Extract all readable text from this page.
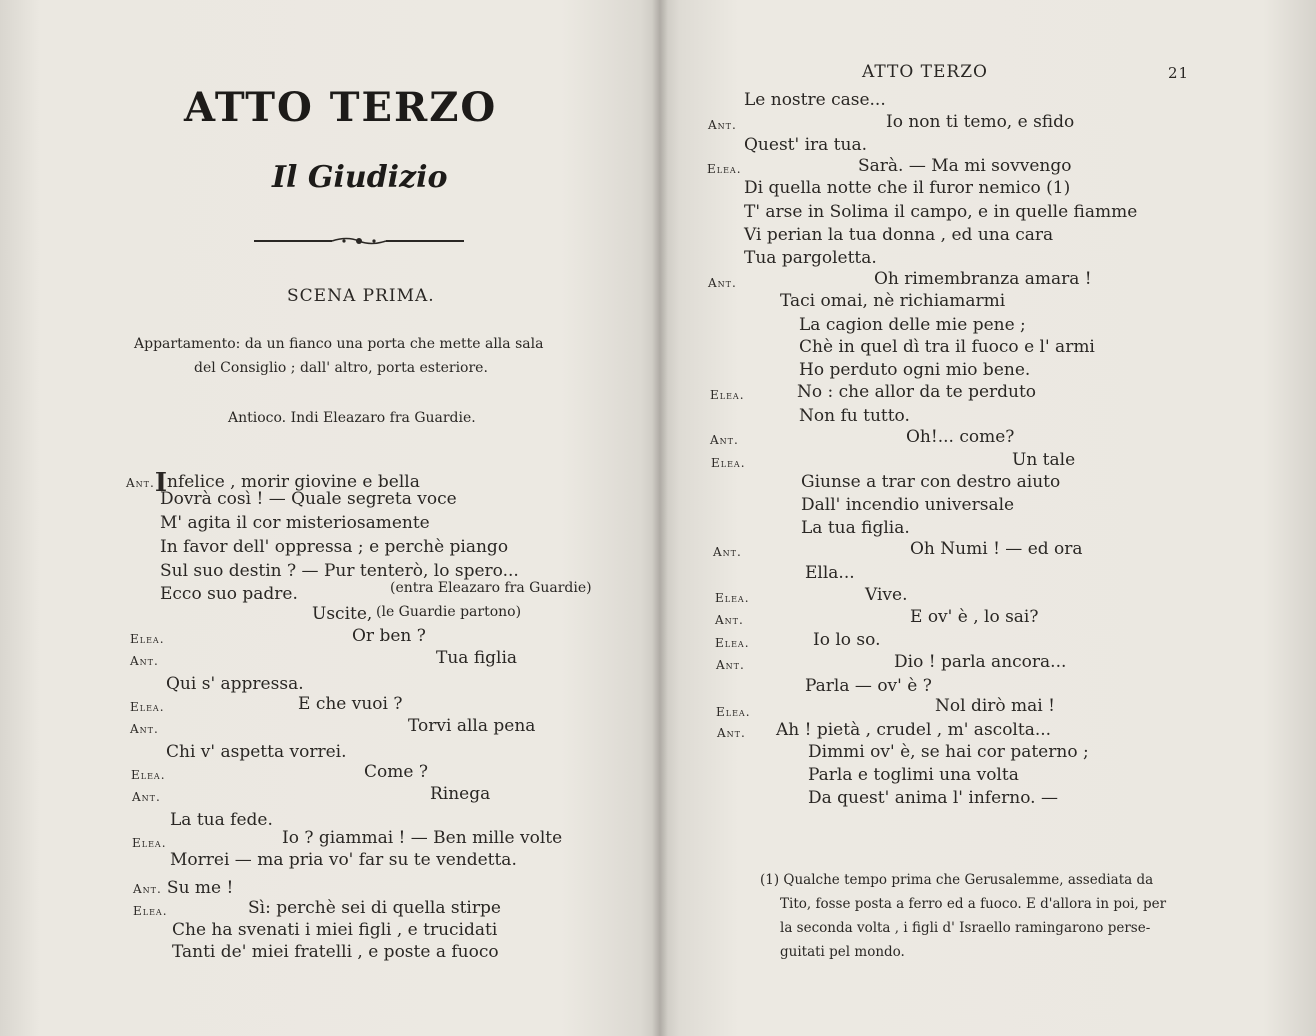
ATTO TERZO
Il Giudizio
SCENA PRIMA.
Appartamento: da un fianco una porta che mette alla sala
del Consiglio ; dall' altro, porta esteriore.
Antioco. Indi Eleazaro fra Guardie.
Ant.Infelice , morir giovine e bella
Dovrà così ! — Quale segreta voce
M' agita il cor misteriosamente
In favor dell' oppressa ; e perchè piango
Sul suo destin ? — Pur tenterò, lo spero...
Ecco suo padre.	(entra Eleazaro fra Guardie)
Uscite, (le Guardie partono)
Elea.	Or ben ?
Ant.	Tua figlia
Qui s' appressa.
Elea.	E che vuoi ?
Ant.	Torvi alla pena
Chi v' aspetta vorrei.
Elea.	Come ?
Ant.	Rinega
La tua fede.
Elea.	Io ? giammai ! — Ben mille volte
Morrei — ma pria vo' far su te vendetta.
Ant. Su me !
Elea.	Sì: perchè sei di quella stirpe
Che ha svenati i miei figli , e trucidati
Tanti de' miei fratelli , e poste a fuoco
ATTO TERZO	21
Le nostre case...
Ant.	Io non ti temo, e sfido
Quest' ira tua.
Elea.	Sarà. — Ma mi sovvengo
Di quella notte che il furor nemico (1)
T' arse in Solima il campo, e in quelle fiamme
Vi perian la tua donna , ed una cara
Tua pargoletta.
Ant.	Oh rimembranza amara !
Taci omai, nè richiamarmi
La cagion delle mie pene ;
Chè in quel dì tra il fuoco e l' armi
Ho perduto ogni mio bene.
Elea.	No : che allor da te perduto
Non fu tutto.
Ant.	Oh!... come?
Elea.	Un tale
Giunse a trar con destro aiuto
Dall' incendio universale
La tua figlia.
Ant.	Oh Numi ! — ed ora
Ella...
Elea.	Vive.
Ant.	E ov' è , lo sai?
Elea.	Io lo so.
Ant.	Dio ! parla ancora...
Parla — ov' è ?
Elea.	Nol dirò mai !
Ant. Ah ! pietà , crudel , m' ascolta...
Dimmi ov' è, se hai cor paterno ;
Parla e toglimi una volta
Da quest' anima l' inferno. —
(1) Qualche tempo prima che Gerusalemme, assediata da
Tito, fosse posta a ferro ed a fuoco. E d'allora in poi, per
la seconda volta , i figli d' Israello ramingarono perse-
guitati pel mondo.
